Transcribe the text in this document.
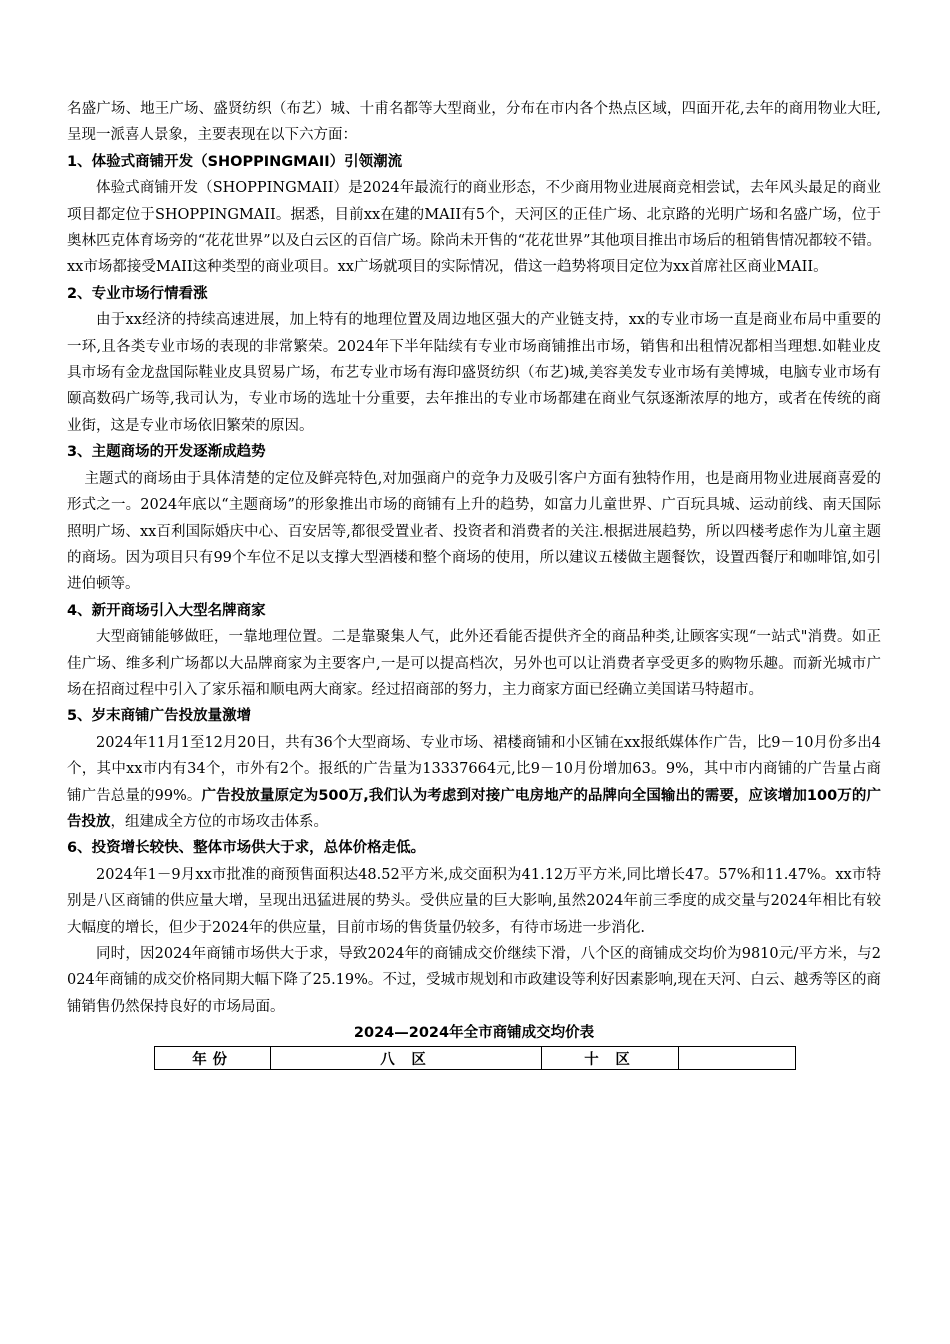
名盛广场、地王广场、盛贤纺织（布艺）城、十甫名都等大型商业，分布在市内各个热点区域，四面开花,去年的商用物业大旺,呈现一派喜人景象，主要表现在以下六方面：

1、体验式商铺开发（SHOPPINGMAII）引领潮流

体验式商铺开发（SHOPPINGMAII）是2024年最流行的商业形态，不少商用物业进展商竞相尝试，去年风头最足的商业项目都定位于SHOPPINGMAII。据悉，目前xx在建的MAII有5个，天河区的正佳广场、北京路的光明广场和名盛广场，位于奥林匹克体育场旁的“花花世界”以及白云区的百信广场。除尚未开售的“花花世界”其他项目推出市场后的租销售情况都较不错。xx市场都接受MAII这种类型的商业项目。xx广场就项目的实际情况，借这一趋势将项目定位为xx首席社区商业MAII。

2、专业市场行情看涨

由于xx经济的持续高速进展，加上特有的地理位置及周边地区强大的产业链支持，xx的专业市场一直是商业布局中重要的一环,且各类专业市场的表现的非常繁荣。2024年下半年陆续有专业市场商铺推出市场，销售和出租情况都相当理想.如鞋业皮具市场有金龙盘国际鞋业皮具贸易广场，布艺专业市场有海印盛贤纺织（布艺)城,美容美发专业市场有美博城，电脑专业市场有颐高数码广场等,我司认为，专业市场的选址十分重要，去年推出的专业市场都建在商业气氛逐渐浓厚的地方，或者在传统的商业街，这是专业市场依旧繁荣的原因。

3、主题商场的开发逐渐成趋势

主题式的商场由于具体清楚的定位及鲜亮特色,对加强商户的竞争力及吸引客户方面有独特作用，也是商用物业进展商喜爱的形式之一。2024年底以“主题商场”的形象推出市场的商铺有上升的趋势，如富力儿童世界、广百玩具城、运动前线、南天国际照明广场、xx百利国际婚庆中心、百安居等,都很受置业者、投资者和消费者的关注.根据进展趋势，所以四楼考虑作为儿童主题的商场。因为项目只有99个车位不足以支撑大型酒楼和整个商场的使用，所以建议五楼做主题餐饮，设置西餐厅和咖啡馆,如引进伯顿等。

4、新开商场引入大型名牌商家

大型商铺能够做旺，一靠地理位置。二是靠聚集人气，此外还看能否提供齐全的商品种类,让顾客实现“一站式"消费。如正佳广场、维多利广场都以大品牌商家为主要客户,一是可以提高档次，另外也可以让消费者享受更多的购物乐趣。而新光城市广场在招商过程中引入了家乐福和顺电两大商家。经过招商部的努力，主力商家方面已经确立美国诺马特超市。

5、岁末商铺广告投放量激增

2024年11月1至12月20日，共有36个大型商场、专业市场、裙楼商铺和小区铺在xx报纸媒体作广告，比9－10月份多出4个，其中xx市内有34个，市外有2个。报纸的广告量为13337664元,比9－10月份增加63。9%，其中市内商铺的广告量占商铺广告总量的99%。广告投放量原定为500万,我们认为考虑到对接广电房地产的品牌向全国输出的需要，应该增加100万的广告投放，组建成全方位的市场攻击体系。

6、投资增长较快、整体市场供大于求，总体价格走低。

2024年1－9月xx市批准的商预售面积达48.52平方米,成交面积为41.12万平方米,同比增长47。57%和11.47%。xx市特别是八区商铺的供应量大增，呈现出迅猛进展的势头。受供应量的巨大影响,虽然2024年前三季度的成交量与2024年相比有较大幅度的增长，但少于2024年的供应量，目前市场的售货量仍较多，有待市场进一步消化.

同时，因2024年商铺市场供大于求，导致2024年的商铺成交价继续下滑，八个区的商铺成交均价为9810元/平方米，与2024年商铺的成交价格同期大幅下降了25.19%。不过，受城市规划和市政建设等利好因素影响,现在天河、白云、越秀等区的商铺销售仍然保持良好的市场局面。

2024—2024年全市商铺成交均价表
年份	八 区	十 区	
